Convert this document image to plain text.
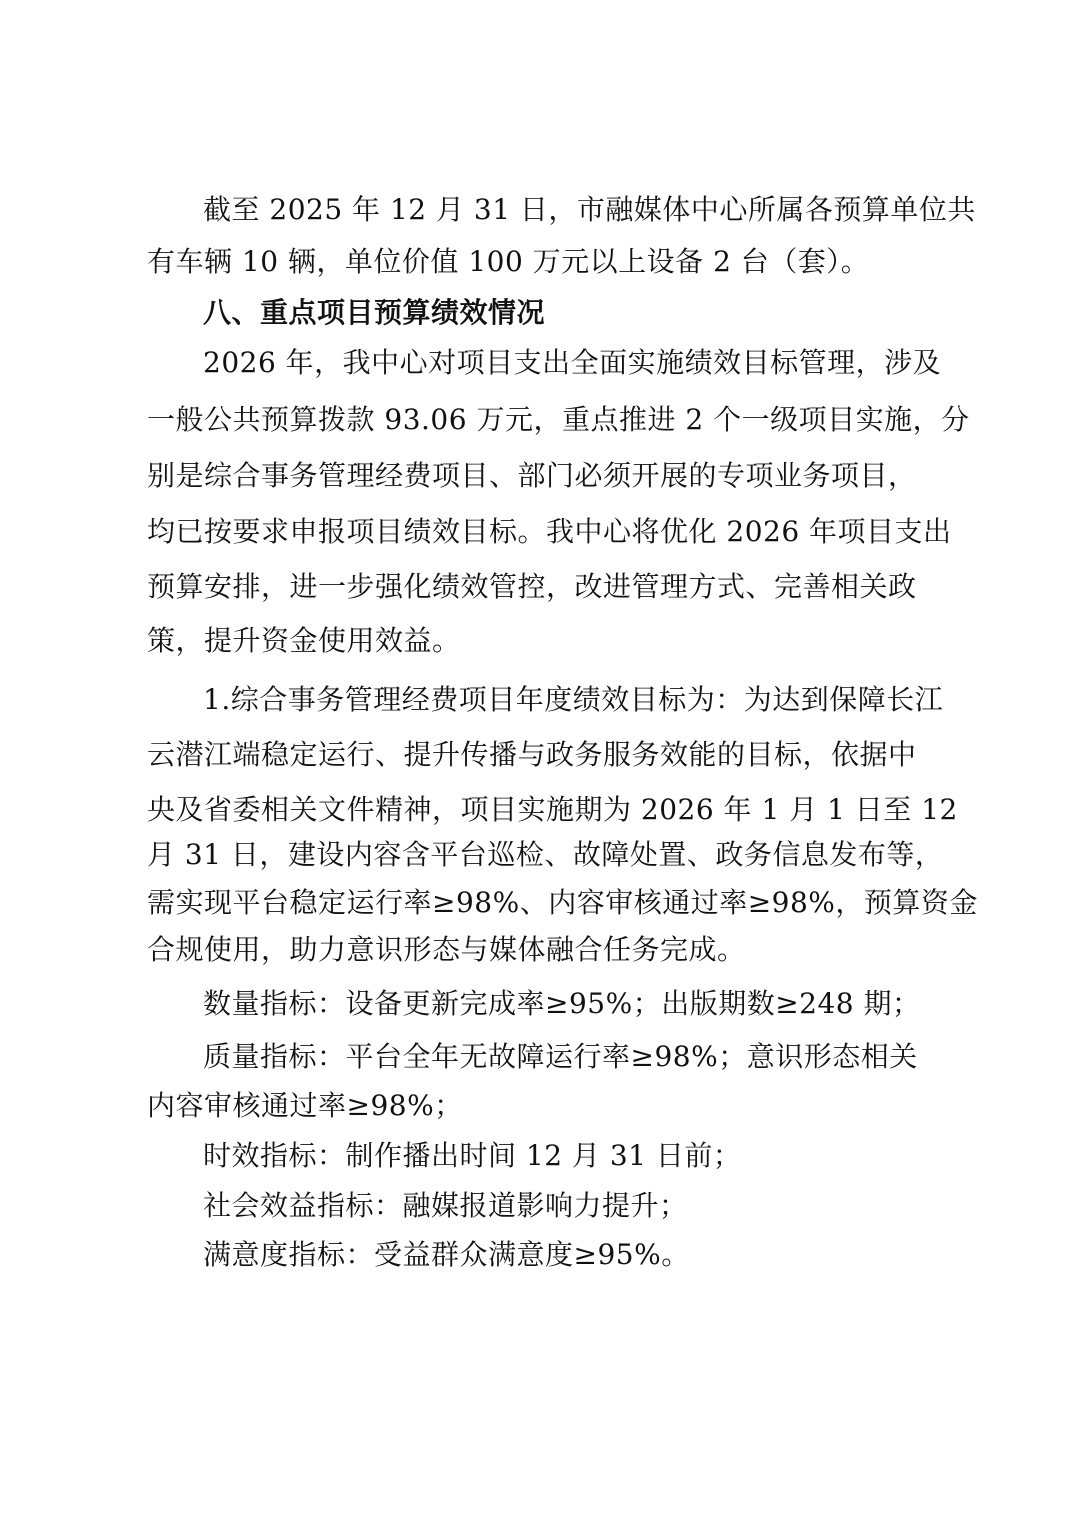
截至 2025 年 12 月 31 日，市融媒体中心所属各预算单位共

有车辆 10 辆，单位价值 100 万元以上设备 2 台（套）。

八、重点项目预算绩效情况

2026 年，我中心对项目支出全面实施绩效目标管理，涉及

一般公共预算拨款 93.06 万元，重点推进 2 个一级项目实施，分

别是综合事务管理经费项目、部门必须开展的专项业务项目，

均已按要求申报项目绩效目标。我中心将优化 2026 年项目支出

预算安排，进一步强化绩效管控，改进管理方式、完善相关政

策，提升资金使用效益。

1.综合事务管理经费项目年度绩效目标为：为达到保障长江

云潜江端稳定运行、提升传播与政务服务效能的目标，依据中

央及省委相关文件精神，项目实施期为 2026 年 1 月 1 日至 12

月 31 日，建设内容含平台巡检、故障处置、政务信息发布等，

需实现平台稳定运行率≥98%、内容审核通过率≥98%，预算资金

合规使用，助力意识形态与媒体融合任务完成。

数量指标：设备更新完成率≥95%；出版期数≥248 期；

质量指标：平台全年无故障运行率≥98%；意识形态相关

内容审核通过率≥98%；

时效指标：制作播出时间 12 月 31 日前；

社会效益指标：融媒报道影响力提升；

满意度指标：受益群众满意度≥95%。
